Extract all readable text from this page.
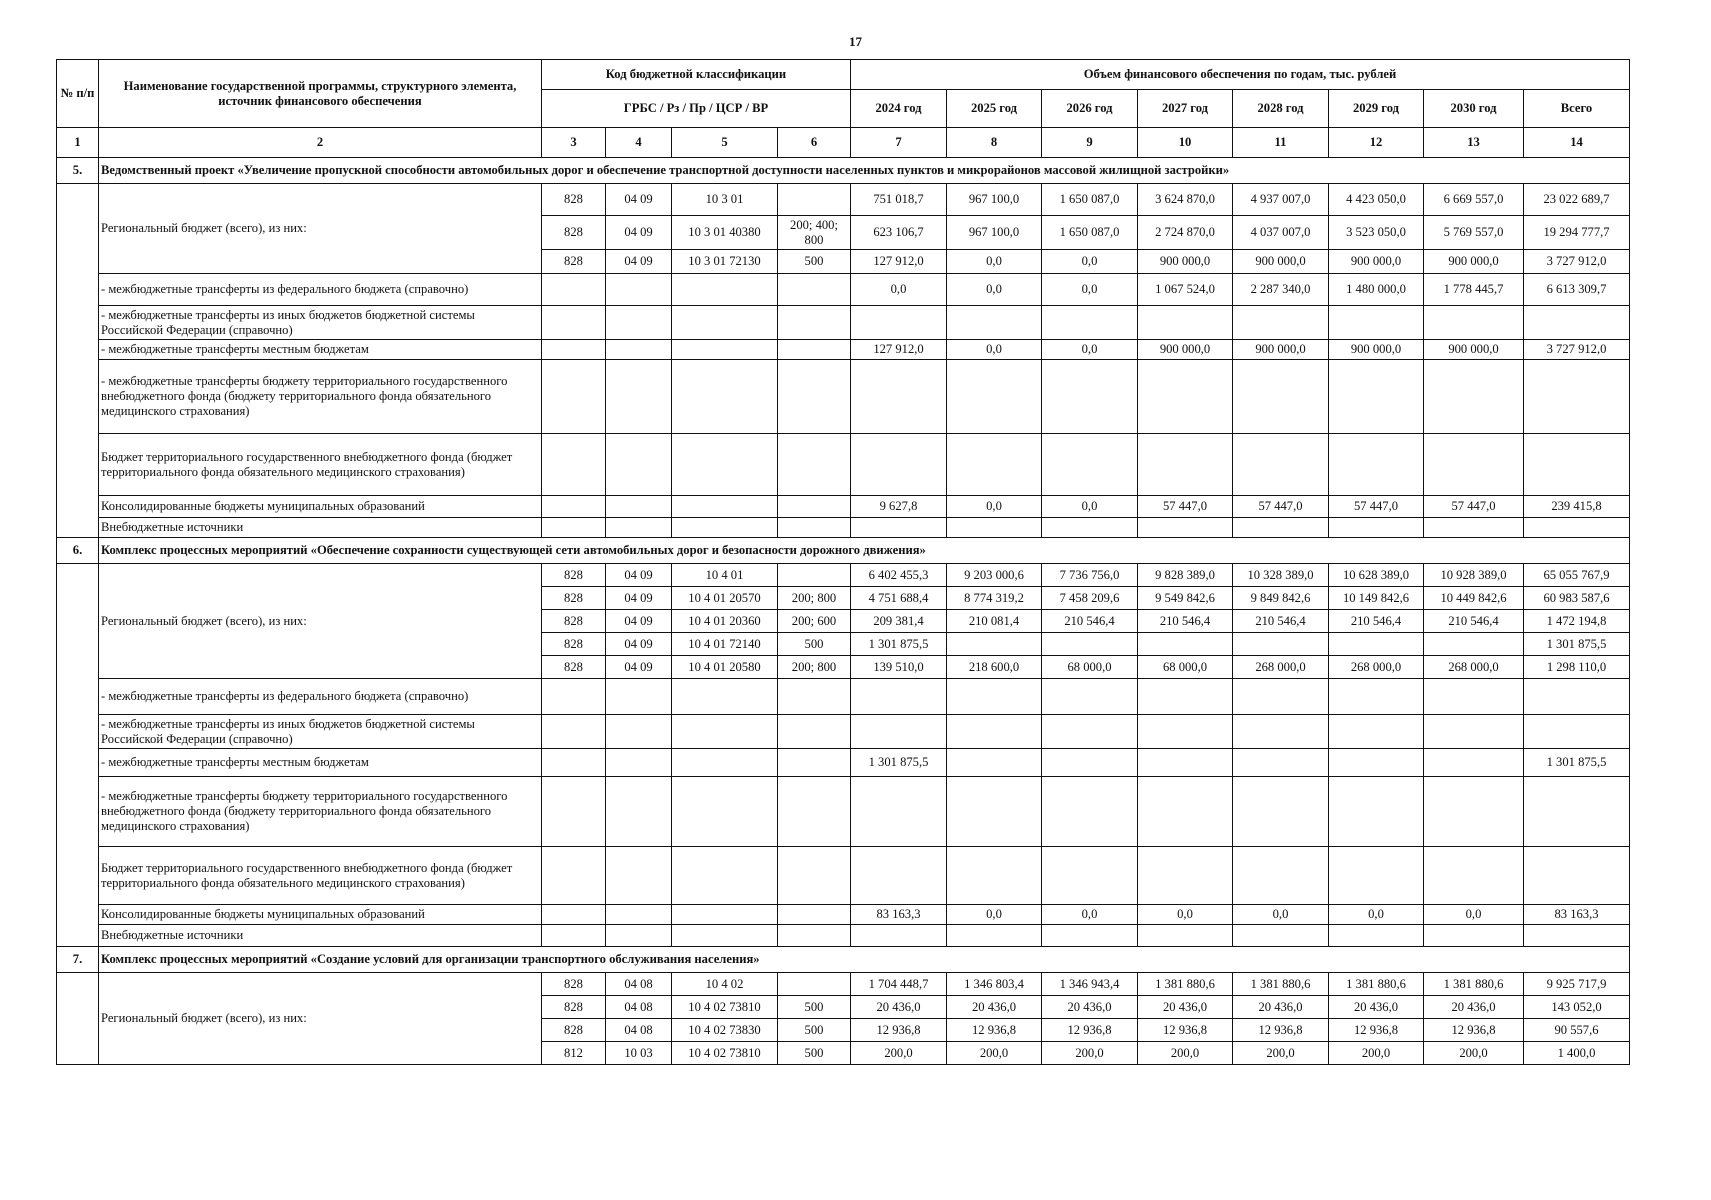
17
№ п/п	Наименование государственной программы, структурного элемента, источник финансового обеспечения	Код бюджетной классификации				Объем финансового обеспечения по годам, тыс. рублей							
		ГРБС / Рз / Пр / ЦСР / ВР				2024 год	2025 год	2026 год	2027 год	2028 год	2029 год	2030 год	Всего
1	2	3	4	5	6	7	8	9	10	11	12	13	14
5.	Ведомственный проект «Увеличение пропускной способности автомобильных дорог и обеспечение транспортной доступности населенных пунктов и микрорайонов массовой жилищной застройки»												
	Региональный бюджет (всего), из них:	828	04 09	10 3 01		751 018,7	967 100,0	1 650 087,0	3 624 870,0	4 937 007,0	4 423 050,0	6 669 557,0	23 022 689,7
		828	04 09	10 3 01 40380	200; 400; 800	623 106,7	967 100,0	1 650 087,0	2 724 870,0	4 037 007,0	3 523 050,0	5 769 557,0	19 294 777,7
		828	04 09	10 3 01 72130	500	127 912,0	0,0	0,0	900 000,0	900 000,0	900 000,0	900 000,0	3 727 912,0
	- межбюджетные трансферты из федерального бюджета (справочно)					0,0	0,0	0,0	1 067 524,0	2 287 340,0	1 480 000,0	1 778 445,7	6 613 309,7
	- межбюджетные трансферты из иных бюджетов бюджетной системы Российской Федерации (справочно)												
	- межбюджетные трансферты местным бюджетам					127 912,0	0,0	0,0	900 000,0	900 000,0	900 000,0	900 000,0	3 727 912,0
	- межбюджетные трансферты бюджету территориального государственного внебюджетного фонда (бюджету территориального фонда обязательного медицинского страхования)												
	Бюджет территориального государственного внебюджетного фонда (бюджет территориального фонда обязательного медицинского страхования)												
	Консолидированные бюджеты муниципальных образований					9 627,8	0,0	0,0	57 447,0	57 447,0	57 447,0	57 447,0	239 415,8
	Внебюджетные источники												
6.	Комплекс процессных мероприятий «Обеспечение сохранности существующей сети автомобильных дорог и безопасности дорожного движения»												
	Региональный бюджет (всего), из них:	828	04 09	10 4 01		6 402 455,3	9 203 000,6	7 736 756,0	9 828 389,0	10 328 389,0	10 628 389,0	10 928 389,0	65 055 767,9
		828	04 09	10 4 01 20570	200; 800	4 751 688,4	8 774 319,2	7 458 209,6	9 549 842,6	9 849 842,6	10 149 842,6	10 449 842,6	60 983 587,6
		828	04 09	10 4 01 20360	200; 600	209 381,4	210 081,4	210 546,4	210 546,4	210 546,4	210 546,4	210 546,4	1 472 194,8
		828	04 09	10 4 01 72140	500	1 301 875,5							1 301 875,5
		828	04 09	10 4 01 20580	200; 800	139 510,0	218 600,0	68 000,0	68 000,0	268 000,0	268 000,0	268 000,0	1 298 110,0
	- межбюджетные трансферты из федерального бюджета (справочно)												
	- межбюджетные трансферты из иных бюджетов бюджетной системы Российской Федерации (справочно)												
	- межбюджетные трансферты местным бюджетам					1 301 875,5							1 301 875,5
	- межбюджетные трансферты бюджету территориального государственного внебюджетного фонда (бюджету территориального фонда обязательного медицинского страхования)												
	Бюджет территориального государственного внебюджетного фонда (бюджет территориального фонда обязательного медицинского страхования)												
	Консолидированные бюджеты муниципальных образований					83 163,3	0,0	0,0	0,0	0,0	0,0	0,0	83 163,3
	Внебюджетные источники												
7.	Комплекс процессных мероприятий «Создание условий для организации транспортного обслуживания населения»												
	Региональный бюджет (всего), из них:	828	04 08	10 4 02		1 704 448,7	1 346 803,4	1 346 943,4	1 381 880,6	1 381 880,6	1 381 880,6	1 381 880,6	9 925 717,9
		828	04 08	10 4 02 73810	500	20 436,0	20 436,0	20 436,0	20 436,0	20 436,0	20 436,0	20 436,0	143 052,0
		828	04 08	10 4 02 73830	500	12 936,8	12 936,8	12 936,8	12 936,8	12 936,8	12 936,8	12 936,8	90 557,6
		812	10 03	10 4 02 73810	500	200,0	200,0	200,0	200,0	200,0	200,0	200,0	1 400,0
